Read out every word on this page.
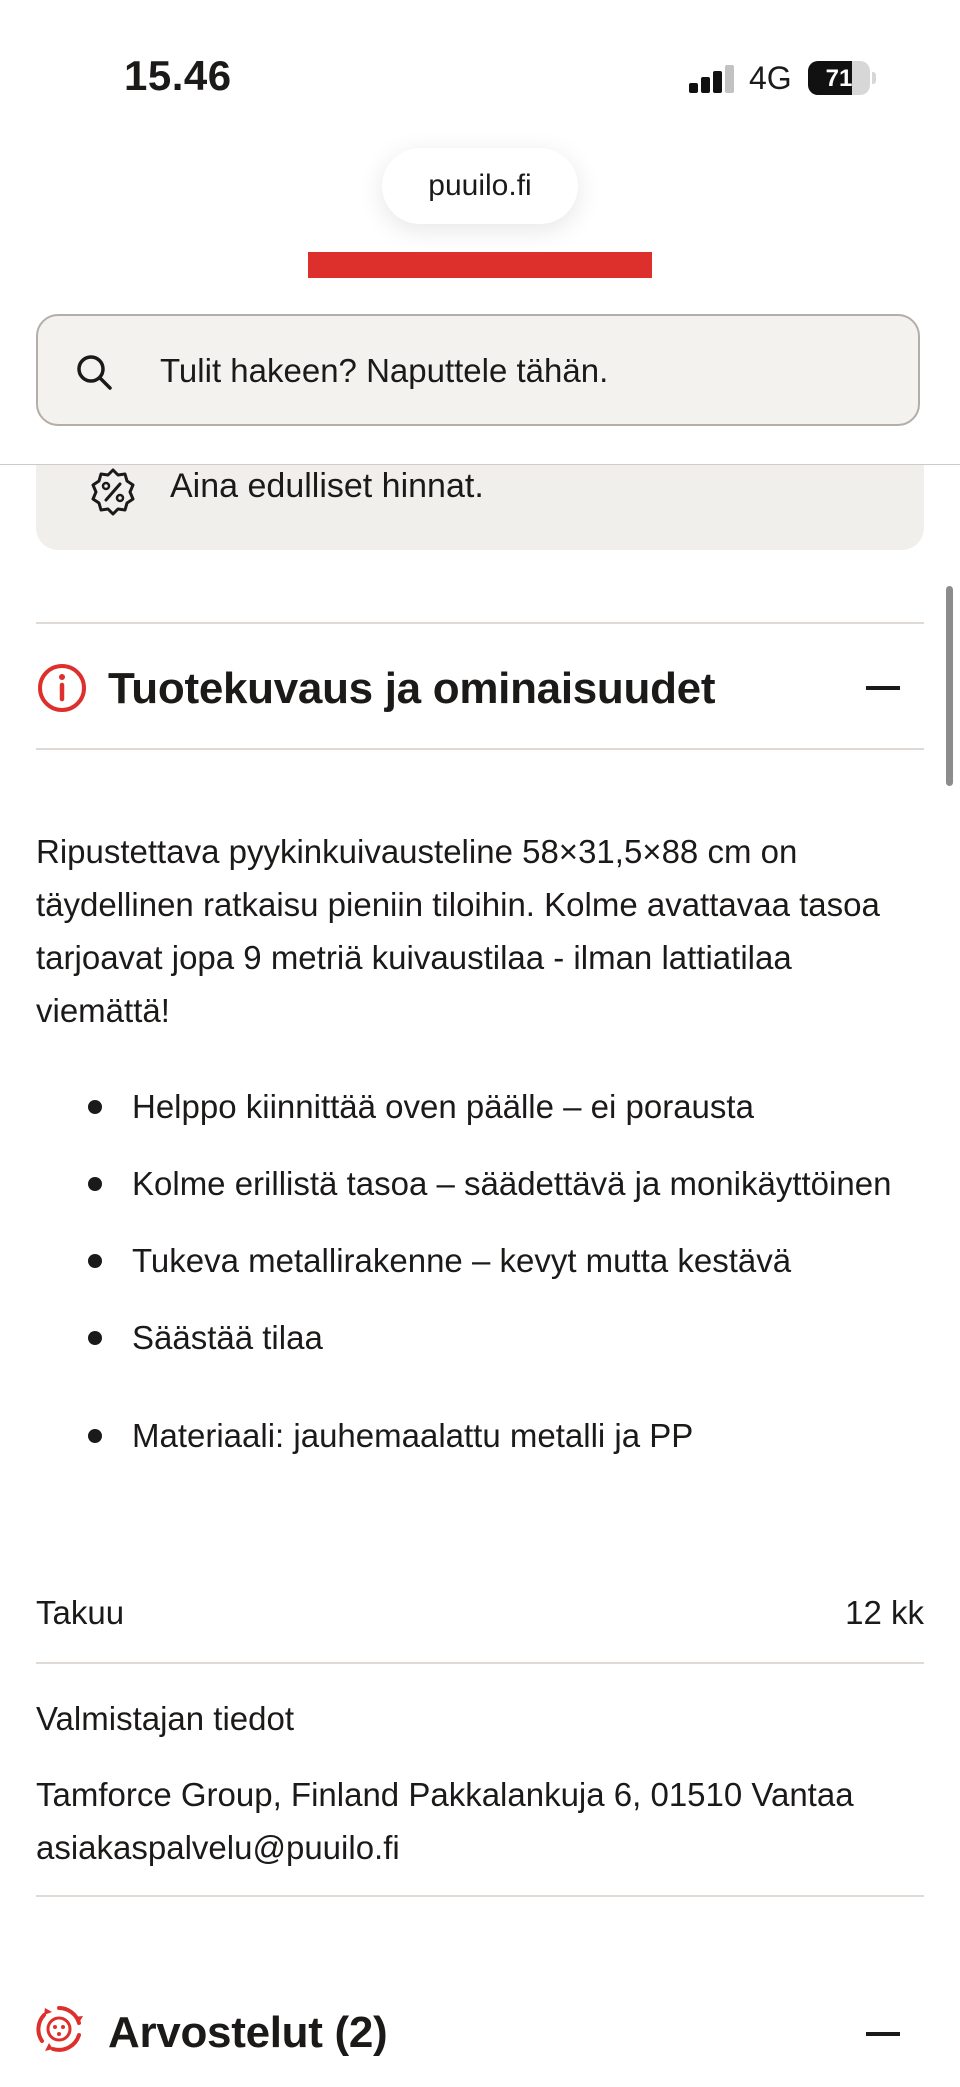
15.46	4G	71
puuilo.fi
Tulit hakeen? Naputtele tähän.
Aina edulliset hinnat.
Tuotekuvaus ja ominaisuudet

Ripustettava pyykinkuivausteline 58×31,5×88 cm on täydellinen ratkaisu pieniin tiloihin. Kolme avattavaa tasoa tarjoavat jopa 9 metriä kuivaustilaa - ilman lattiatilaa viemättä!

Helppo kiinnittää oven päälle – ei porausta
Kolme erillistä tasoa – säädettävä ja monikäyttöinen
Tukeva metallirakenne – kevyt mutta kestävä
Säästää tilaa
Materiaali: jauhemaalattu metalli ja PP
Takuu	12 kk
Valmistajan tiedot
Tamforce Group, Finland Pakkalankuja 6, 01510 Vantaa
asiakaspalvelu@puuilo.fi
Arvostelut (2)
